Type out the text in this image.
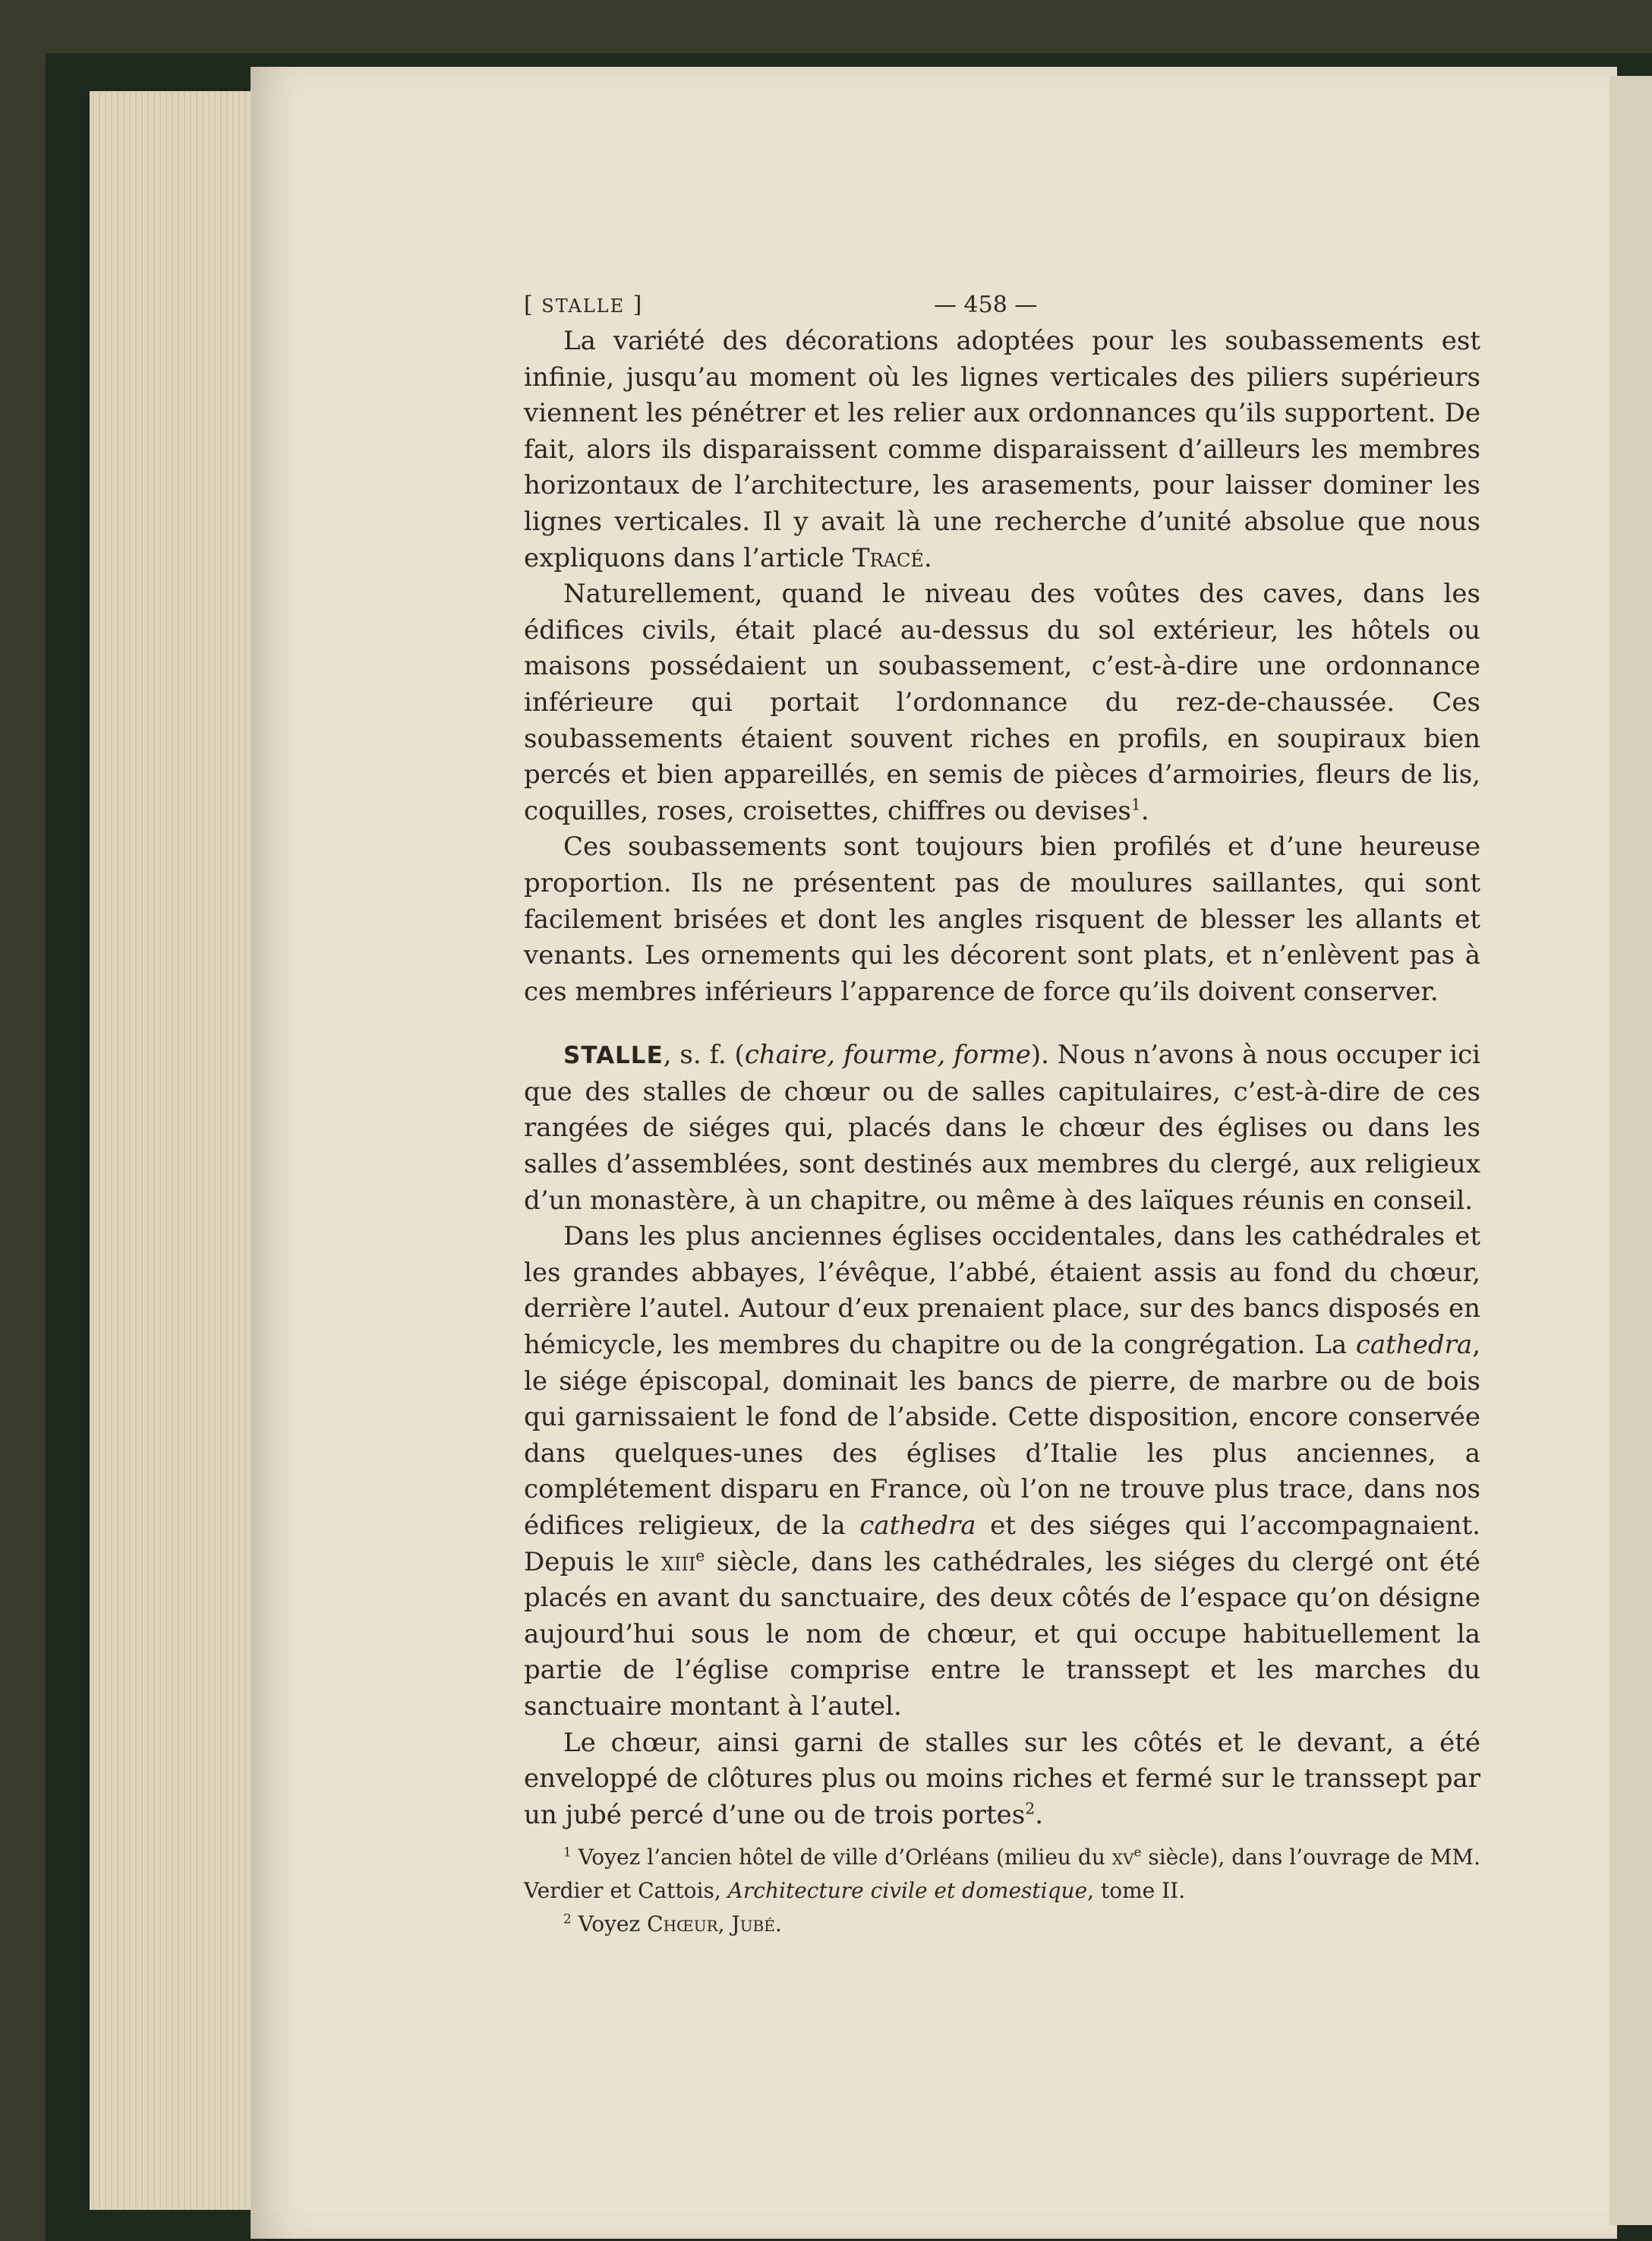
[ STALLE ]	— 458 —

La variété des décorations adoptées pour les soubassements est infinie, jusqu’au moment où les lignes verticales des piliers supérieurs viennent les pénétrer et les relier aux ordonnances qu’ils supportent. De fait, alors ils disparaissent comme disparaissent d’ailleurs les membres horizontaux de l’architecture, les arasements, pour laisser dominer les lignes verticales. Il y avait là une recherche d’unité absolue que nous expliquons dans l’article Tracé.

Naturellement, quand le niveau des voûtes des caves, dans les édifices civils, était placé au-dessus du sol extérieur, les hôtels ou maisons possédaient un soubassement, c’est-à-dire une ordonnance inférieure qui portait l’ordonnance du rez-de-chaussée. Ces soubassements étaient souvent riches en profils, en soupiraux bien percés et bien appareillés, en semis de pièces d’armoiries, fleurs de lis, coquilles, roses, croisettes, chiffres ou devises$^1$.

Ces soubassements sont toujours bien profilés et d’une heureuse proportion. Ils ne présentent pas de moulures saillantes, qui sont facilement brisées et dont les angles risquent de blesser les allants et venants. Les ornements qui les décorent sont plats, et n’enlèvent pas à ces membres inférieurs l’apparence de force qu’ils doivent conserver.

STALLE, s. f. (chaire, fourme, forme). Nous n’avons à nous occuper ici que des stalles de chœur ou de salles capitulaires, c’est-à-dire de ces rangées de siéges qui, placés dans le chœur des églises ou dans les salles d’assemblées, sont destinés aux membres du clergé, aux religieux d’un monastère, à un chapitre, ou même à des laïques réunis en conseil.

Dans les plus anciennes églises occidentales, dans les cathédrales et les grandes abbayes, l’évêque, l’abbé, étaient assis au fond du chœur, derrière l’autel. Autour d’eux prenaient place, sur des bancs disposés en hémicycle, les membres du chapitre ou de la congrégation. La cathedra, le siége épiscopal, dominait les bancs de pierre, de marbre ou de bois qui garnissaient le fond de l’abside. Cette disposition, encore conservée dans quelques-unes des églises d’Italie les plus anciennes, a complétement disparu en France, où l’on ne trouve plus trace, dans nos édifices religieux, de la cathedra et des siéges qui l’accompagnaient. Depuis le xiii$^e$ siècle, dans les cathédrales, les siéges du clergé ont été placés en avant du sanctuaire, des deux côtés de l’espace qu’on désigne aujourd’hui sous le nom de chœur, et qui occupe habituellement la partie de l’église comprise entre le transsept et les marches du sanctuaire montant à l’autel.

Le chœur, ainsi garni de stalles sur les côtés et le devant, a été enveloppé de clôtures plus ou moins riches et fermé sur le transsept par un jubé percé d’une ou de trois portes$^2$.

$^1$ Voyez l’ancien hôtel de ville d’Orléans (milieu du $xv^e$ siècle), dans l’ouvrage de MM. Verdier et Cattois, Architecture civile et domestique, tome II.

$^2$ Voyez Chœur, Jubé.
